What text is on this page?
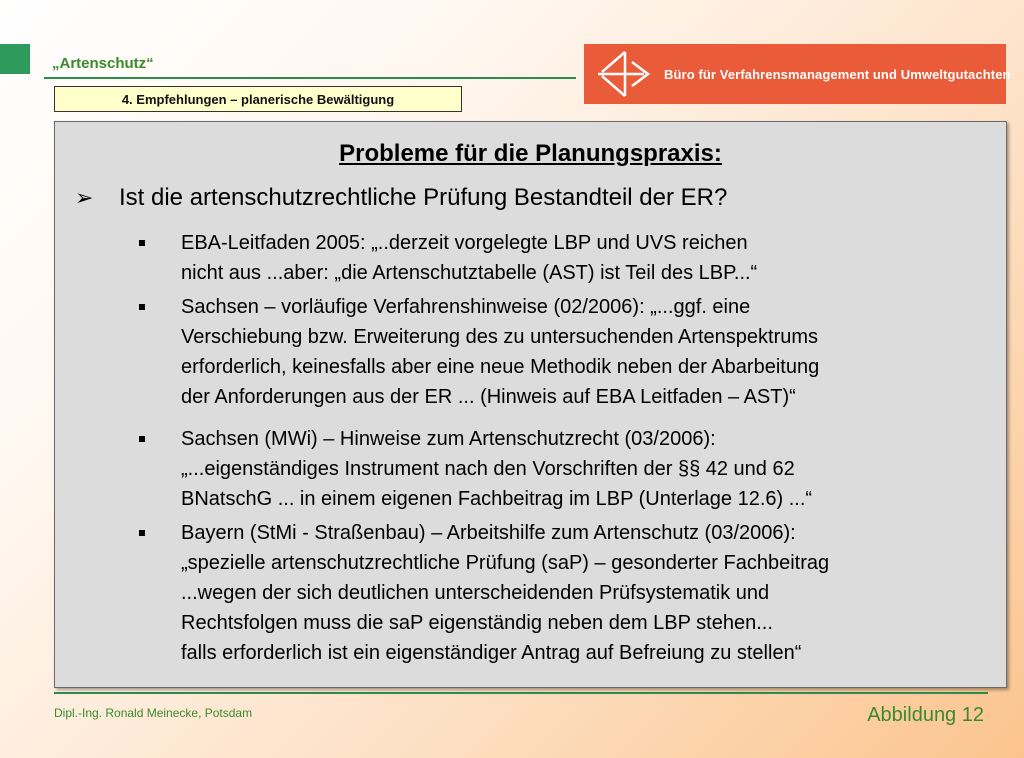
„Artenschutz“
4. Empfehlungen – planerische Bewältigung
Büro für Verfahrensmanagement und Umweltgutachten
Probleme für die Planungspraxis:
➢ Ist die artenschutzrechtliche Prüfung Bestandteil der ER?
EBA-Leitfaden 2005: „..derzeit vorgelegte LBP und UVS reichen
nicht aus ...aber: „die Artenschutztabelle (AST) ist Teil des LBP...“
Sachsen – vorläufige Verfahrenshinweise (02/2006): „...ggf. eine
Verschiebung bzw. Erweiterung des zu untersuchenden Artenspektrums
erforderlich, keinesfalls aber eine neue Methodik neben der Abarbeitung
der Anforderungen aus der ER ... (Hinweis auf EBA Leitfaden – AST)“
Sachsen (MWi) – Hinweise zum Artenschutzrecht (03/2006):
„...eigenständiges Instrument nach den Vorschriften der §§ 42 und 62
BNatschG ... in einem eigenen Fachbeitrag im LBP (Unterlage 12.6) ...“
Bayern (StMi - Straßenbau) – Arbeitshilfe zum Artenschutz (03/2006):
„spezielle artenschutzrechtliche Prüfung (saP) – gesonderter Fachbeitrag
...wegen der sich deutlichen unterscheidenden Prüfsystematik und
Rechtsfolgen muss die saP eigenständig neben dem LBP stehen...
falls erforderlich ist ein eigenständiger Antrag auf Befreiung zu stellen“
Dipl.-Ing. Ronald Meinecke, Potsdam	Abbildung 12
